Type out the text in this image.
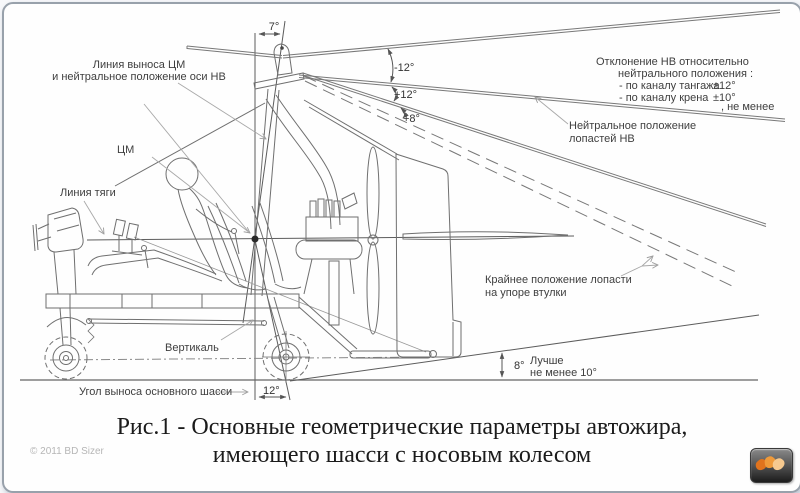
Линия выноса ЦМ
и нейтральное положение оси НВ
ЦМ
Линия тяги
Вертикаль
Угол выноса основного шасси
Отклонение НВ относительно
нейтрального положения :
- по каналу тангажа
±12°
- по каналу крена ±10°
, не менее
Нейтральное положение
лопастей НВ
Крайнее положение лопасти
на упоре втулки
Лучше
не менее 10°
7°
-12°
+12°
+8°
12°
8°
Рис.1 - Основные геометрические параметры автожира,
имеющего шасси с носовым колесом
© 2011 BD Sizer
